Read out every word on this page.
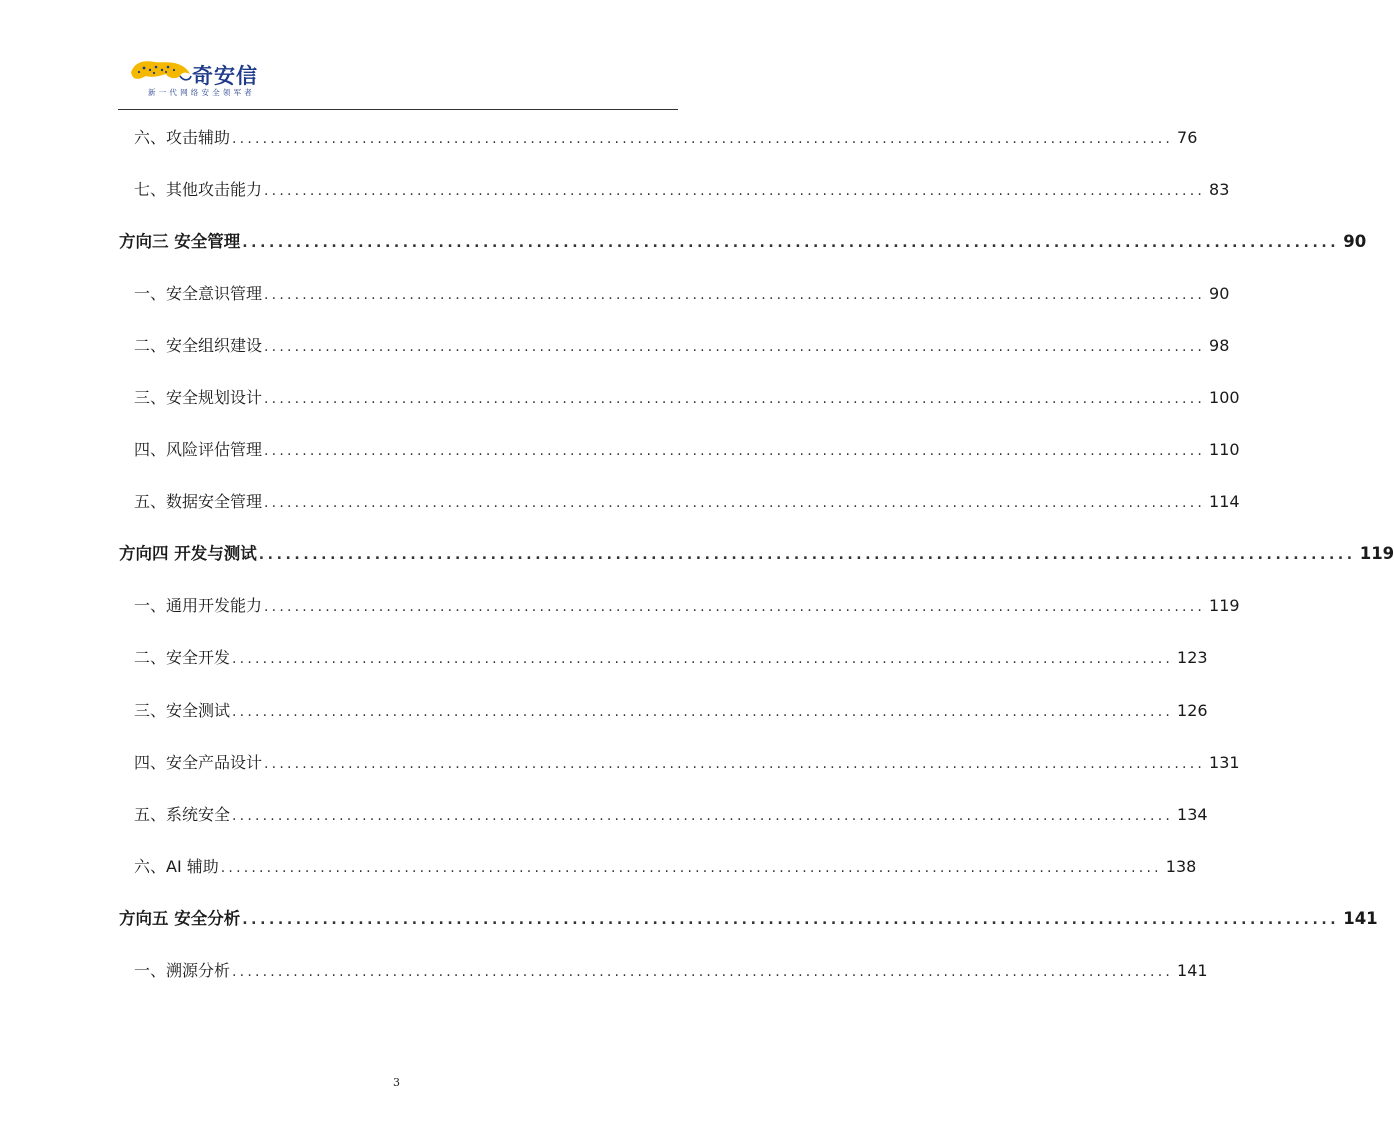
奇安信
新一代网络安全领军者
六、 攻击辅助 ........................................................................................................................... 76
七、 其他攻击能力 ........................................................................................................................... 83
方向三 安全管理 ........................................................................................................................... 90
一、 安全意识管理 ........................................................................................................................... 90
二、 安全组织建设 ........................................................................................................................... 98
三、 安全规划设计 ........................................................................................................................... 100
四、 风险评估管理 ........................................................................................................................... 110
五、 数据安全管理 ........................................................................................................................... 114
方向四 开发与测试 ........................................................................................................................... 119
一、 通用开发能力 ........................................................................................................................... 119
二、 安全开发 ........................................................................................................................... 123
三、 安全测试 ........................................................................................................................... 126
四、 安全产品设计 ........................................................................................................................... 131
五、 系统安全 ........................................................................................................................... 134
六、 AI 辅助 ........................................................................................................................... 138
方向五 安全分析 ........................................................................................................................... 141
一、 溯源分析 ........................................................................................................................... 141
3
